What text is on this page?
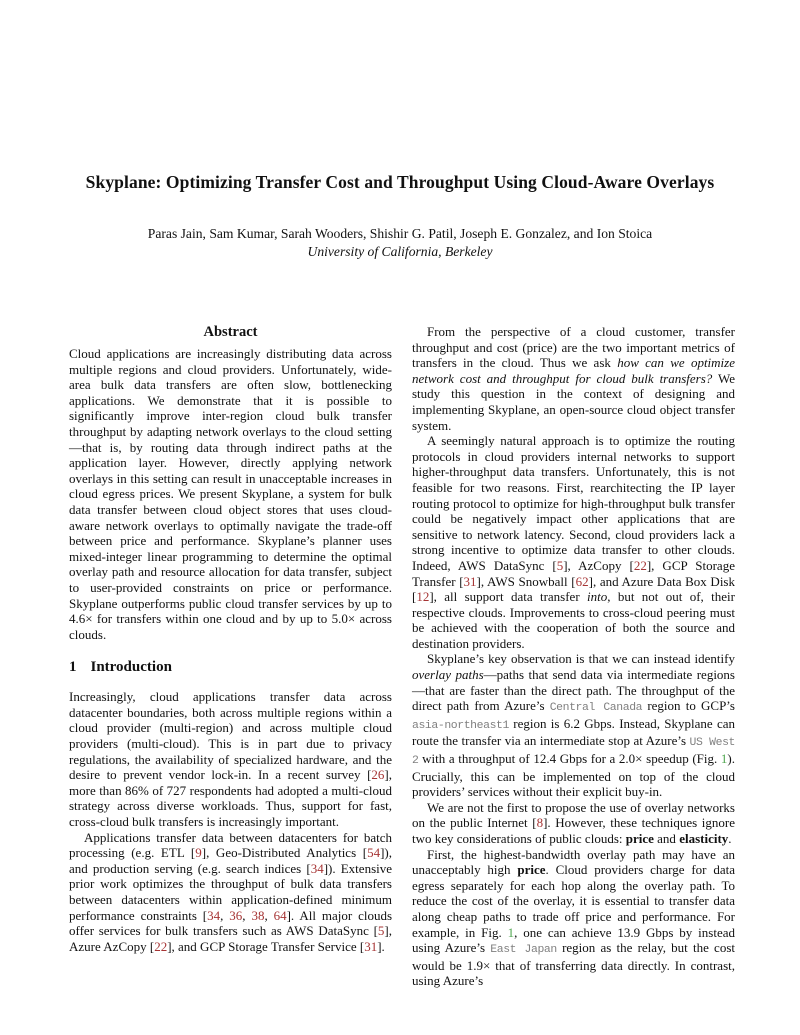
Skyplane: Optimizing Transfer Cost and Throughput Using Cloud-Aware Overlays
Paras Jain, Sam Kumar, Sarah Wooders, Shishir G. Patil, Joseph E. Gonzalez, and Ion Stoica
University of California, Berkeley
Abstract

Cloud applications are increasingly distributing data across multiple regions and cloud providers. Unfortunately, wide-area bulk data transfers are often slow, bottlenecking applications. We demonstrate that it is possible to significantly improve inter-region cloud bulk transfer throughput by adapting network overlays to the cloud setting—that is, by routing data through indirect paths at the application layer. However, directly applying network overlays in this setting can result in unacceptable increases in cloud egress prices. We present Skyplane, a system for bulk data transfer between cloud object stores that uses cloud-aware network overlays to optimally navigate the trade-off between price and performance. Skyplane’s planner uses mixed-integer linear programming to determine the optimal overlay path and resource allocation for data transfer, subject to user-provided constraints on price or performance. Skyplane outperforms public cloud transfer services by up to 4.6× for transfers within one cloud and by up to 5.0× across clouds.

1 Introduction

Increasingly, cloud applications transfer data across datacenter boundaries, both across multiple regions within a cloud provider (multi-region) and across multiple cloud providers (multi-cloud). This is in part due to privacy regulations, the availability of specialized hardware, and the desire to prevent vendor lock-in. In a recent survey [26], more than 86% of 727 respondents had adopted a multi-cloud strategy across diverse workloads. Thus, support for fast, cross-cloud bulk transfers is increasingly important.

Applications transfer data between datacenters for batch processing (e.g. ETL [9], Geo-Distributed Analytics [54]), and production serving (e.g. search indices [34]). Extensive prior work optimizes the throughput of bulk data transfers between datacenters within application-defined minimum performance constraints [34, 36, 38, 64]. All major clouds offer services for bulk transfers such as AWS DataSync [5], Azure AzCopy [22], and GCP Storage Transfer Service [31].

From the perspective of a cloud customer, transfer throughput and cost (price) are the two important metrics of transfers in the cloud. Thus we ask how can we optimize network cost and throughput for cloud bulk transfers? We study this question in the context of designing and implementing Skyplane, an open-source cloud object transfer system.

A seemingly natural approach is to optimize the routing protocols in cloud providers internal networks to support higher-throughput data transfers. Unfortunately, this is not feasible for two reasons. First, rearchitecting the IP layer routing protocol to optimize for high-throughput bulk transfer could be negatively impact other applications that are sensitive to network latency. Second, cloud providers lack a strong incentive to optimize data transfer to other clouds. Indeed, AWS DataSync [5], AzCopy [22], GCP Storage Transfer [31], AWS Snowball [62], and Azure Data Box Disk [12], all support data transfer into, but not out of, their respective clouds. Improvements to cross-cloud peering must be achieved with the cooperation of both the source and destination providers.

Skyplane’s key observation is that we can instead identify overlay paths—paths that send data via intermediate regions—that are faster than the direct path. The throughput of the direct path from Azure’s Central Canada region to GCP’s asia-northeast1 region is 6.2 Gbps. Instead, Skyplane can route the transfer via an intermediate stop at Azure’s US West 2 with a throughput of 12.4 Gbps for a 2.0× speedup (Fig. 1). Crucially, this can be implemented on top of the cloud providers’ services without their explicit buy-in.

We are not the first to propose the use of overlay networks on the public Internet [8]. However, these techniques ignore two key considerations of public clouds: price and elasticity.

First, the highest-bandwidth overlay path may have an unacceptably high price. Cloud providers charge for data egress separately for each hop along the overlay path. To reduce the cost of the overlay, it is essential to transfer data along cheap paths to trade off price and performance. For example, in Fig. 1, one can achieve 13.9 Gbps by instead using Azure’s East Japan region as the relay, but the cost would be 1.9× that of transferring data directly. In contrast, using Azure’s
